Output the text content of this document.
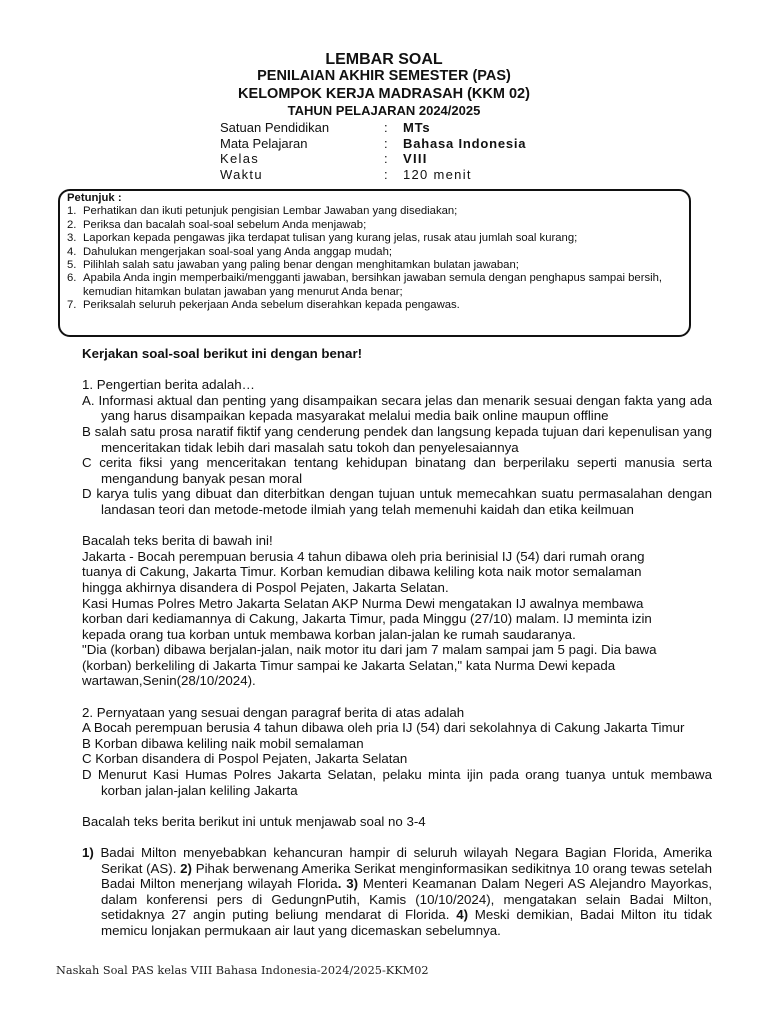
LEMBAR SOAL
PENILAIAN AKHIR SEMESTER (PAS)
KELOMPOK KERJA MADRASAH (KKM 02)
TAHUN PELAJARAN 2024/2025
Satuan Pendidikan	: MTs
Mata Pelajaran	: Bahasa Indonesia
Kelas	: VIII
Waktu	: 120 menit
Petunjuk :
1. Perhatikan dan ikuti petunjuk pengisian Lembar Jawaban yang disediakan;
2. Periksa dan bacalah soal-soal sebelum Anda menjawab;
3. Laporkan kepada pengawas jika terdapat tulisan yang kurang jelas, rusak atau jumlah soal kurang;
4. Dahulukan mengerjakan soal-soal yang Anda anggap mudah;
5. Pilihlah salah satu jawaban yang paling benar dengan menghitamkan bulatan jawaban;
6. Apabila Anda ingin memperbaiki/mengganti jawaban, bersihkan jawaban semula dengan penghapus sampai bersih,
kemudian hitamkan bulatan jawaban yang menurut Anda benar;
7. Periksalah seluruh pekerjaan Anda sebelum diserahkan kepada pengawas.

Kerjakan soal-soal berikut ini dengan benar!

1. Pengertian berita adalah…

A. Informasi aktual dan penting yang disampaikan secara jelas dan menarik sesuai dengan fakta yang ada yang harus disampaikan kepada masyarakat melalui media baik online maupun offline

B salah satu prosa naratif fiktif yang cenderung pendek dan langsung kepada tujuan dari kepenulisan yang menceritakan tidak lebih dari masalah satu tokoh dan penyelesaiannya

C cerita fiksi yang menceritakan tentang kehidupan binatang dan berperilaku seperti manusia serta mengandung banyak pesan moral

D karya tulis yang dibuat dan diterbitkan dengan tujuan untuk memecahkan suatu permasalahan dengan landasan teori dan metode-metode ilmiah yang telah memenuhi kaidah dan etika keilmuan

Bacalah teks berita di bawah ini!

Jakarta - Bocah perempuan berusia 4 tahun dibawa oleh pria berinisial IJ (54) dari rumah orang

tuanya di Cakung, Jakarta Timur. Korban kemudian dibawa keliling kota naik motor semalaman

hingga akhirnya disandera di Pospol Pejaten, Jakarta Selatan.

Kasi Humas Polres Metro Jakarta Selatan AKP Nurma Dewi mengatakan IJ awalnya membawa

korban dari kediamannya di Cakung, Jakarta Timur, pada Minggu (27/10) malam. IJ meminta izin

kepada orang tua korban untuk membawa korban jalan-jalan ke rumah saudaranya.

"Dia (korban) dibawa berjalan-jalan, naik motor itu dari jam 7 malam sampai jam 5 pagi. Dia bawa

(korban) berkeliling di Jakarta Timur sampai ke Jakarta Selatan," kata Nurma Dewi kepada

wartawan,Senin(28/10/2024).

2. Pernyataan yang sesuai dengan paragraf berita di atas adalah

A Bocah perempuan berusia 4 tahun dibawa oleh pria IJ (54) dari sekolahnya di Cakung Jakarta Timur

B Korban dibawa keliling naik mobil semalaman

C Korban disandera di Pospol Pejaten, Jakarta Selatan

D Menurut Kasi Humas Polres Jakarta Selatan, pelaku minta ijin pada orang tuanya untuk membawa korban jalan-jalan keliling Jakarta

Bacalah teks berita berikut ini untuk menjawab soal no 3-4

1) Badai Milton menyebabkan kehancuran hampir di seluruh wilayah Negara Bagian Florida, Amerika Serikat (AS). 2) Pihak berwenang Amerika Serikat menginformasikan sedikitnya 10 orang tewas setelah Badai Milton menerjang wilayah Florida. 3) Menteri Keamanan Dalam Negeri AS Alejandro Mayorkas, dalam konferensi pers di GedungnPutih, Kamis (10/10/2024), mengatakan selain Badai Milton, setidaknya 27 angin puting beliung mendarat di Florida. 4) Meski demikian, Badai Milton itu tidak memicu lonjakan permukaan air laut yang dicemaskan sebelumnya.

Naskah Soal PAS kelas VIII Bahasa Indonesia-2024/2025-KKM02
